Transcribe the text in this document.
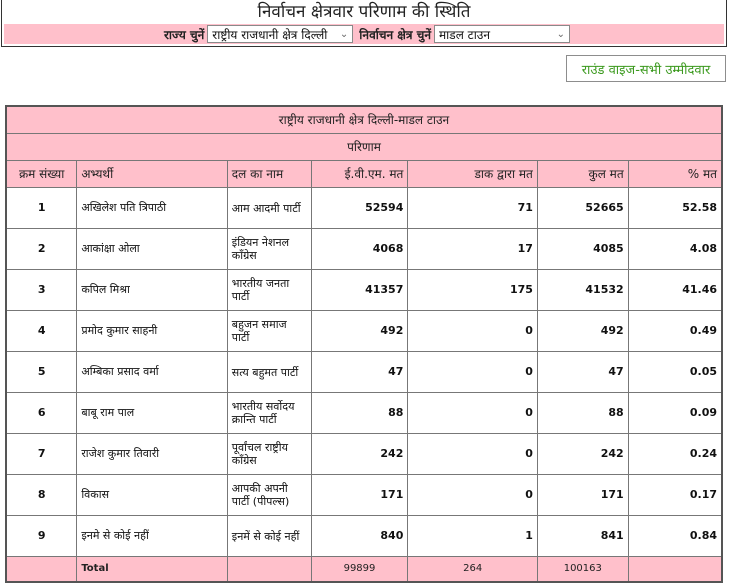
निर्वाचन क्षेत्रवार परिणाम की स्थिति
राज्य चुनें राष्ट्रीय राजधानी क्षेत्र दिल्ली ⌄ निर्वाचन क्षेत्र चुनें माडल टाउन	⌄
राउंड वाइज-सभी उम्मीदवार
राष्ट्रीय राजधानी क्षेत्र दिल्ली-माडल टाउन						
परिणाम						
क्रम संख्या	अभ्यर्थी	दल का नाम	ई.वी.एम. मत	डाक द्वारा मत	कुल मत	% मत
1	अखिलेश पति त्रिपाठी	आम आदमी पार्टी	52594	71	52665	52.58
2	आकांक्षा ओला	इंडियन नेशनल कॉंग्रेस	4068	17	4085	4.08
3	कपिल मिश्रा	भारतीय जनता पार्टी	41357	175	41532	41.46
4	प्रमोद कुमार साहनी	बहुजन समाज पार्टी	492	0	492	0.49
5	अम्बिका प्रसाद वर्मा	सत्य बहुमत पार्टी	47	0	47	0.05
6	बाबू राम पाल	भारतीय सर्वोदय क्रान्ति पार्टी	88	0	88	0.09
7	राजेश कुमार तिवारी	पूर्वांचल राष्ट्रीय कॉंग्रेस	242	0	242	0.24
8	विकास	आपकी अपनी पार्टी (पीपल्स)	171	0	171	0.17
9	इनमे से कोई नहीं	इनमें से कोई नहीं	840	1	841	0.84
	Total		99899	264	100163	
